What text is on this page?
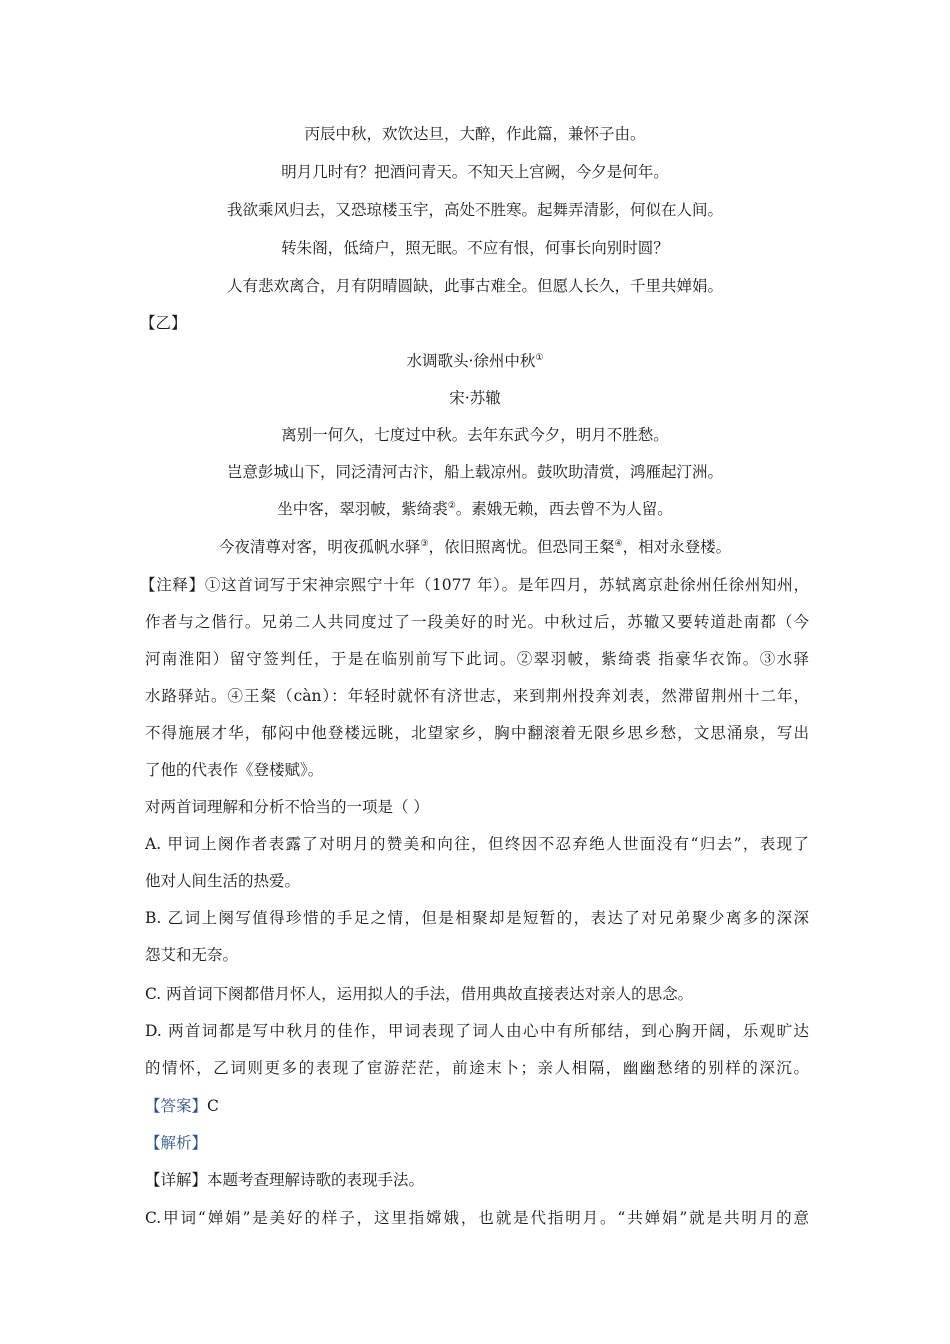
丙辰中秋，欢饮达旦，大醉，作此篇，兼怀子由。
明月几时有？把酒问青天。不知天上宫阙，今夕是何年。
我欲乘风归去，又恐琼楼玉宇，高处不胜寒。起舞弄清影，何似在人间。
转朱阁，低绮户，照无眠。不应有恨，何事长向别时圆？
人有悲欢离合，月有阴晴圆缺，此事古难全。但愿人长久，千里共婵娟。
【乙】
水调歌头·徐州中秋①
宋·苏辙
离别一何久，七度过中秋。去年东武今夕，明月不胜愁。
岂意彭城山下，同泛清河古汴，船上载凉州。鼓吹助清赏，鸿雁起汀洲。
坐中客，翠羽帔，紫绮裘②。素娥无赖，西去曾不为人留。
今夜清尊对客，明夜孤帆水驿③，依旧照离忧。但恐同王粲④，相对永登楼。
【注释】①这首词写于宋神宗熙宁十年（1077 年）。是年四月，苏轼离京赴徐州任徐州知州，
作者与之偕行。兄弟二人共同度过了一段美好的时光。中秋过后，苏辙又要转道赴南都（今
河南淮阳）留守签判任，于是在临别前写下此词。②翠羽帔，紫绮裘 指豪华衣饰。③水驿
水路驿站。④王粲（càn）：年轻时就怀有济世志，来到荆州投奔刘表，然滞留荆州十二年，
不得施展才华，郁闷中他登楼远眺，北望家乡，胸中翻滚着无限乡思乡愁，文思涌泉，写出
了他的代表作《登楼赋》。
对两首词理解和分析不恰当的一项是（ ）
A. 甲词上阕作者表露了对明月的赞美和向往，但终因不忍弃绝人世面没有“归去”，表现了
他对人间生活的热爱。
B. 乙词上阕写值得珍惜的手足之情，但是相聚却是短暂的，表达了对兄弟聚少离多的深深
怨艾和无奈。
C. 两首词下阕都借月怀人，运用拟人的手法，借用典故直接表达对亲人的思念。
D. 两首词都是写中秋月的佳作，甲词表现了词人由心中有所郁结，到心胸开阔，乐观旷达
的情怀，乙词则更多的表现了宦游茫茫，前途末卜；亲人相隔，幽幽愁绪的别样的深沉。
【答案】C
【解析】
【详解】本题考查理解诗歌的表现手法。
C.甲词“婵娟”是美好的样子，这里指嫦娥，也就是代指明月。“共婵娟”就是共明月的意
